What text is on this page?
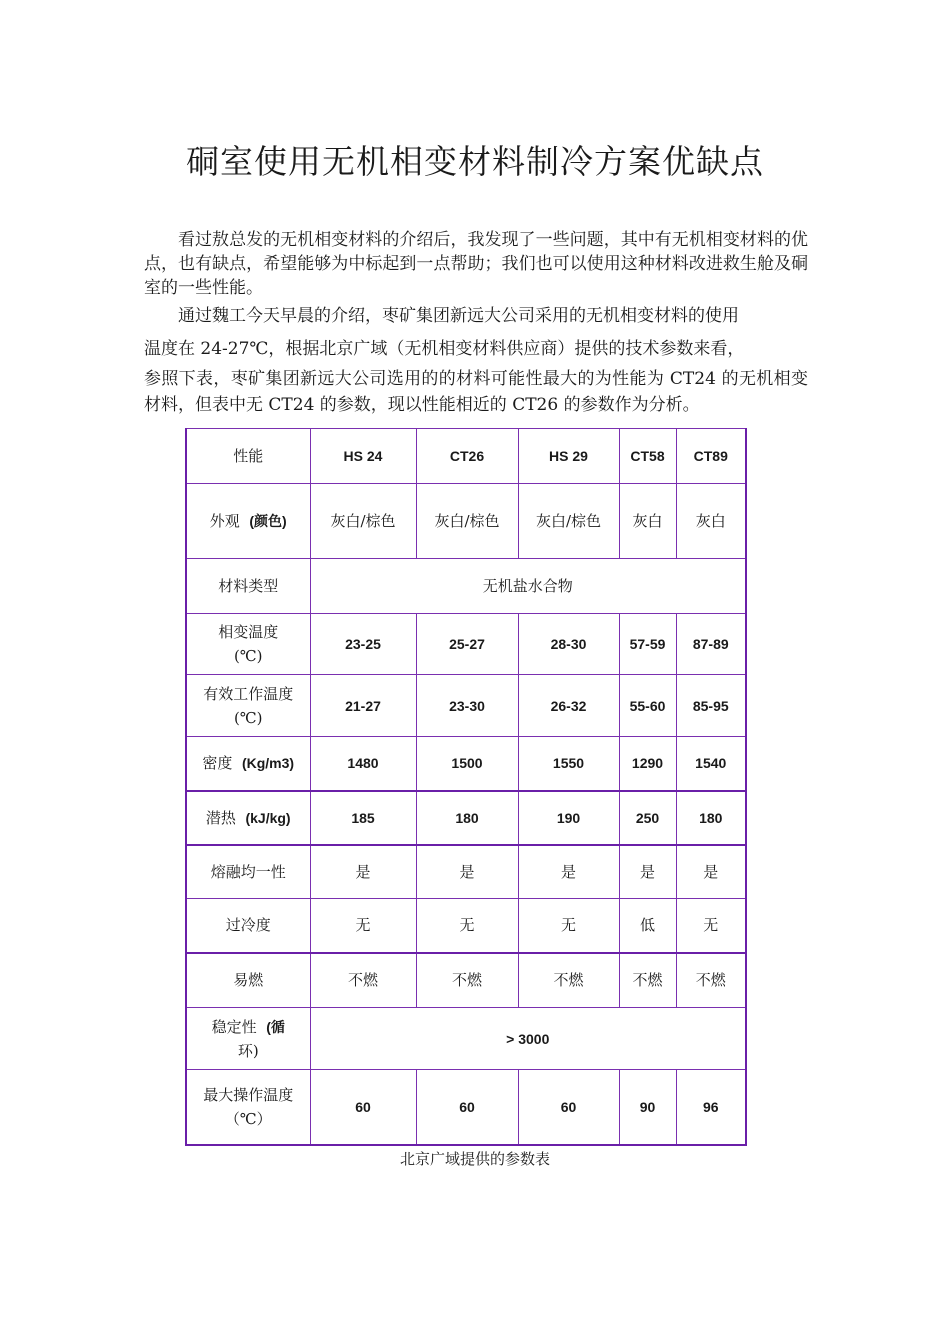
硐室使用无机相变材料制冷方案优缺点

看过敖总发的无机相变材料的介绍后，我发现了一些问题，其中有无机相变材料的优点，也有缺点，希望能够为中标起到一点帮助；我们也可以使用这种材料改进救生舱及硐室的一些性能。

通过魏工今天早晨的介绍，枣矿集团新远大公司采用的无机相变材料的使用
温度在 24-27℃，根据北京广域（无机相变材料供应商）提供的技术参数来看，
参照下表，枣矿集团新远大公司选用的的材料可能性最大的为性能为 CT24 的无机相变材料，但表中无 CT24 的参数，现以性能相近的 CT26 的参数作为分析。

性能	HS 24	CT26	HS 29	CT58	CT89
外观 (颜色)	灰白/棕色	灰白/棕色	灰白/棕色	灰白	灰白
材料类型	无机盐水合物				
相变温度
(℃)	23-25	25-27	28-30	57-59	87-89
有效工作温度
(℃)	21-27	23-30	26-32	55-60	85-95
密度 (Kg/m3)	1480	1500	1550	1290	1540
潜热 (kJ/kg)	185	180	190	250	180
熔融均一性	是	是	是	是	是
过冷度	无	无	无	低	无
易燃	不燃	不燃	不燃	不燃	不燃
稳定性 (循
环)	> 3000				
最大操作温度
（℃）	60	60	60	90	96

北京广域提供的参数表
